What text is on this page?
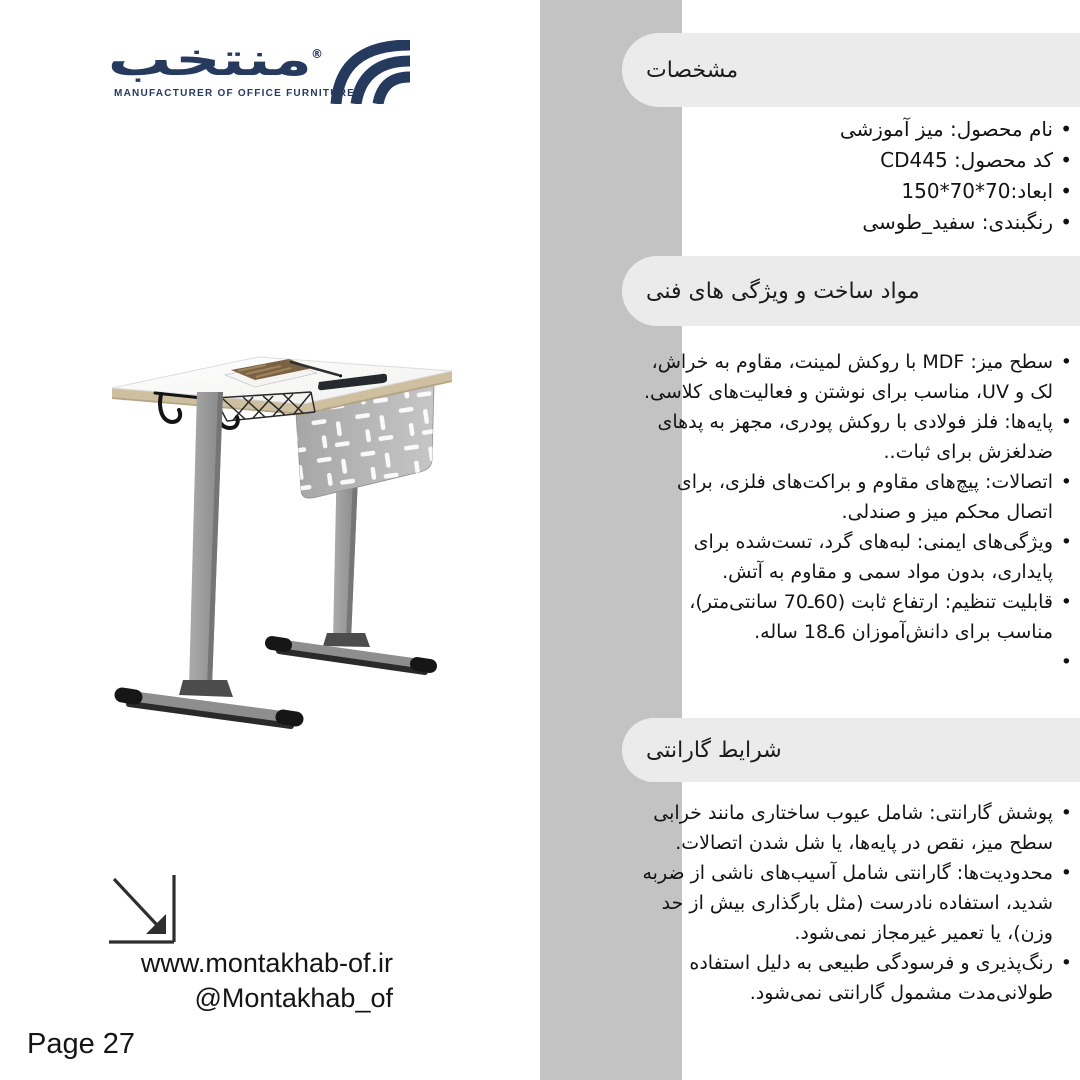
منتخب ®
MANUFACTURER OF OFFICE FURNITURE
مشخصات
مواد ساخت و ویژگی های فنی
شرایط گارانتی
• نام محصول: میز آموزشی
• کد محصول: CD445
• ابعاد:70*70*150
• رنگبندی: سفید_طوسی
• سطح میز: MDF با روکش لمینت، مقاوم به خراش، لک و UV، مناسب برای نوشتن و فعالیت‌های کلاسی.
• پایه‌ها: فلز فولادی با روکش پودری، مجهز به پدهای ضدلغزش برای ثبات..
• اتصالات: پیچ‌های مقاوم و براکت‌های فلزی، برای اتصال محکم میز و صندلی.
• ویژگی‌های ایمنی: لبه‌های گرد، تست‌شده برای پایداری، بدون مواد سمی و مقاوم به آتش.
• قابلیت تنظیم: ارتفاع ثابت (60ـ70 سانتی‌متر)، مناسب برای دانش‌آموزان 6ـ18 ساله.
• پوشش گارانتی: شامل عیوب ساختاری مانند خرابی سطح میز، نقص در پایه‌ها، یا شل شدن اتصالات.
• محدودیت‌ها: گارانتی شامل آسیب‌های ناشی از ضربه شدید، استفاده نادرست (مثل بارگذاری بیش از حد وزن)، یا تعمیر غیرمجاز نمی‌شود.
• رنگ‌پذیری و فرسودگی طبیعی به دلیل استفاده طولانی‌مدت مشمول گارانتی نمی‌شود.
www.montakhab-of.ir
@Montakhab_of
Page 27
